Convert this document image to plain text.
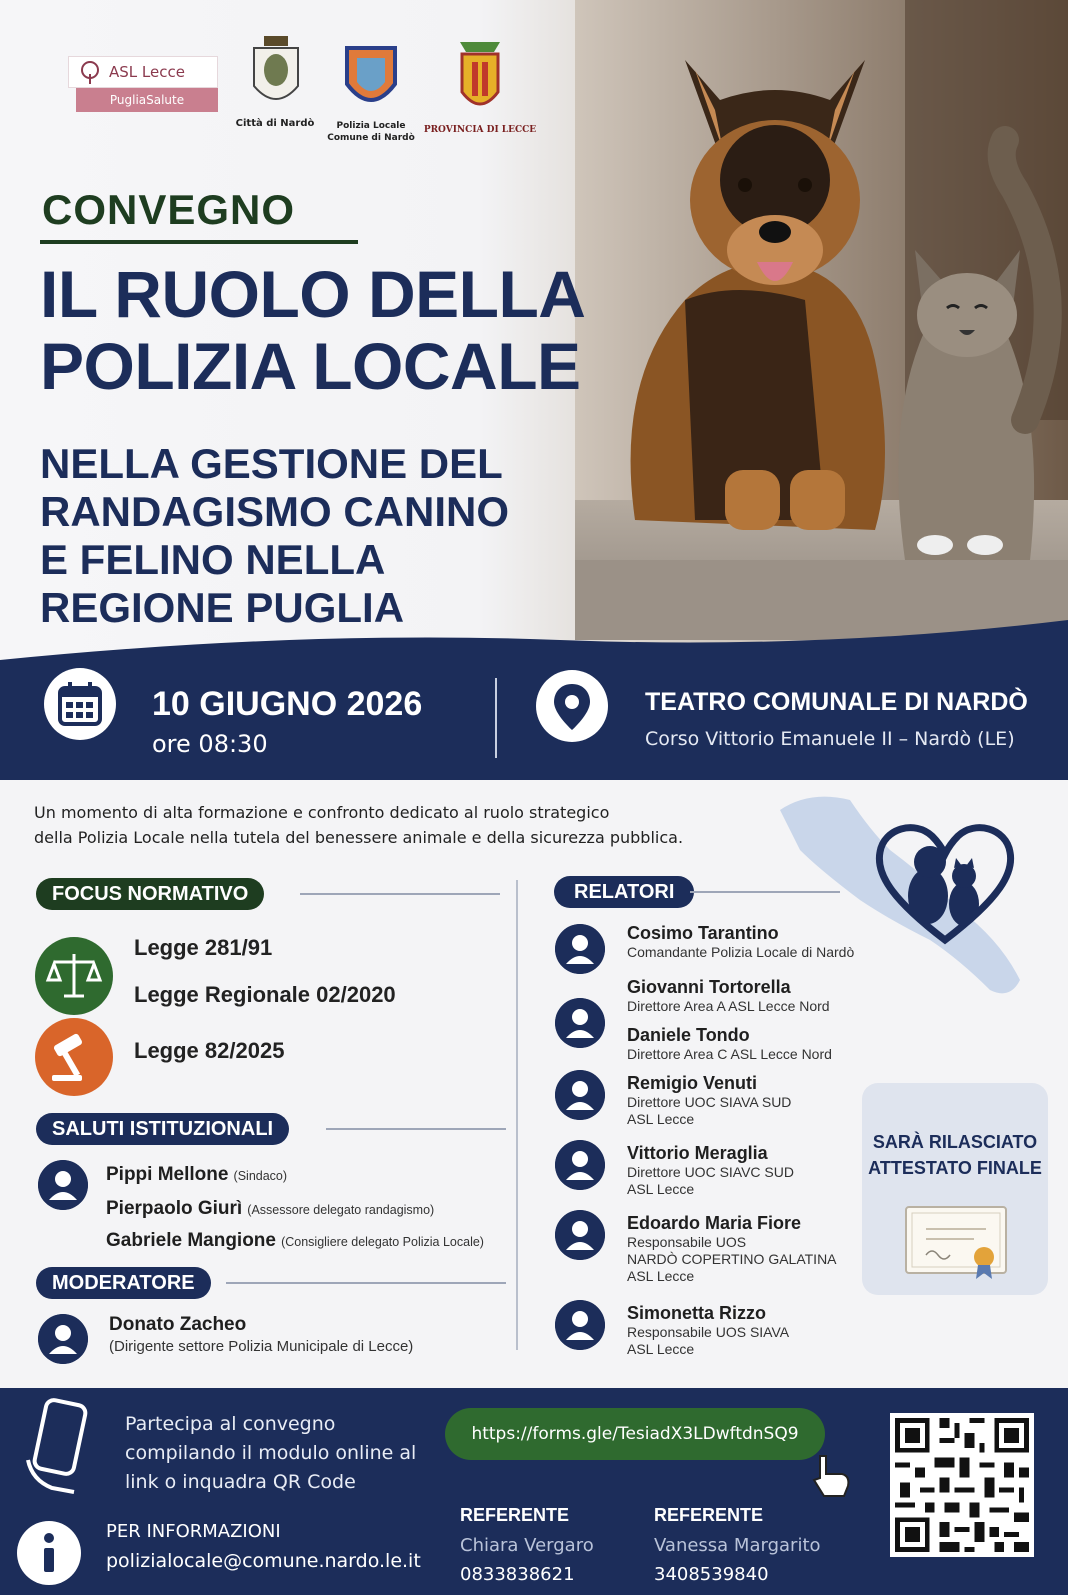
ASL Lecce
PugliaSalute
Città di Nardò	Polizia Locale
Comune di Nardò
PROVINCIA DI LECCE
CONVEGNO
IL RUOLO DELLA
POLIZIA LOCALE
NELLA GESTIONE DEL
RANDAGISMO CANINO
E FELINO NELLA
REGIONE PUGLIA
10 GIUGNO 2026
ore 08:30
TEATRO COMUNALE DI NARDÒ
Corso Vittorio Emanuele II – Nardò (LE)
Un momento di alta formazione e confronto dedicato al ruolo strategico
della Polizia Locale nella tutela del benessere animale e della sicurezza pubblica.
FOCUS NORMATIVO
Legge 281/91
Legge Regionale 02/2020
Legge 82/2025
SALUTI ISTITUZIONALI
Pippi Mellone (Sindaco)
Pierpaolo Giurì (Assessore delegato randagismo)
Gabriele Mangione (Consigliere delegato Polizia Locale)
MODERATORE
Donato Zacheo
(Dirigente settore Polizia Municipale di Lecce)
RELATORI
Cosimo Tarantino
Comandante Polizia Locale di Nardò
Giovanni Tortorella
Direttore Area A ASL Lecce Nord
Daniele Tondo
Direttore Area C ASL Lecce Nord
Remigio Venuti
Direttore UOC SIAVA SUD
ASL Lecce
Vittorio Meraglia
Direttore UOC SIAVC SUD
ASL Lecce
Edoardo Maria Fiore
Responsabile UOS
NARDÒ COPERTINO GALATINA
ASL Lecce
Simonetta Rizzo
Responsabile UOS SIAVA
ASL Lecce
SARÀ RILASCIATO
ATTESTATO FINALE
Partecipa al convegno
compilando il modulo online al
link o inquadra QR Code
https://forms.gle/TesiadX3LDwftdnSQ9
REFERENTE
Chiara Vergaro
0833838621
REFERENTE
Vanessa Margarito
3408539840
PER INFORMAZIONI
polizialocale@comune.nardo.le.it
